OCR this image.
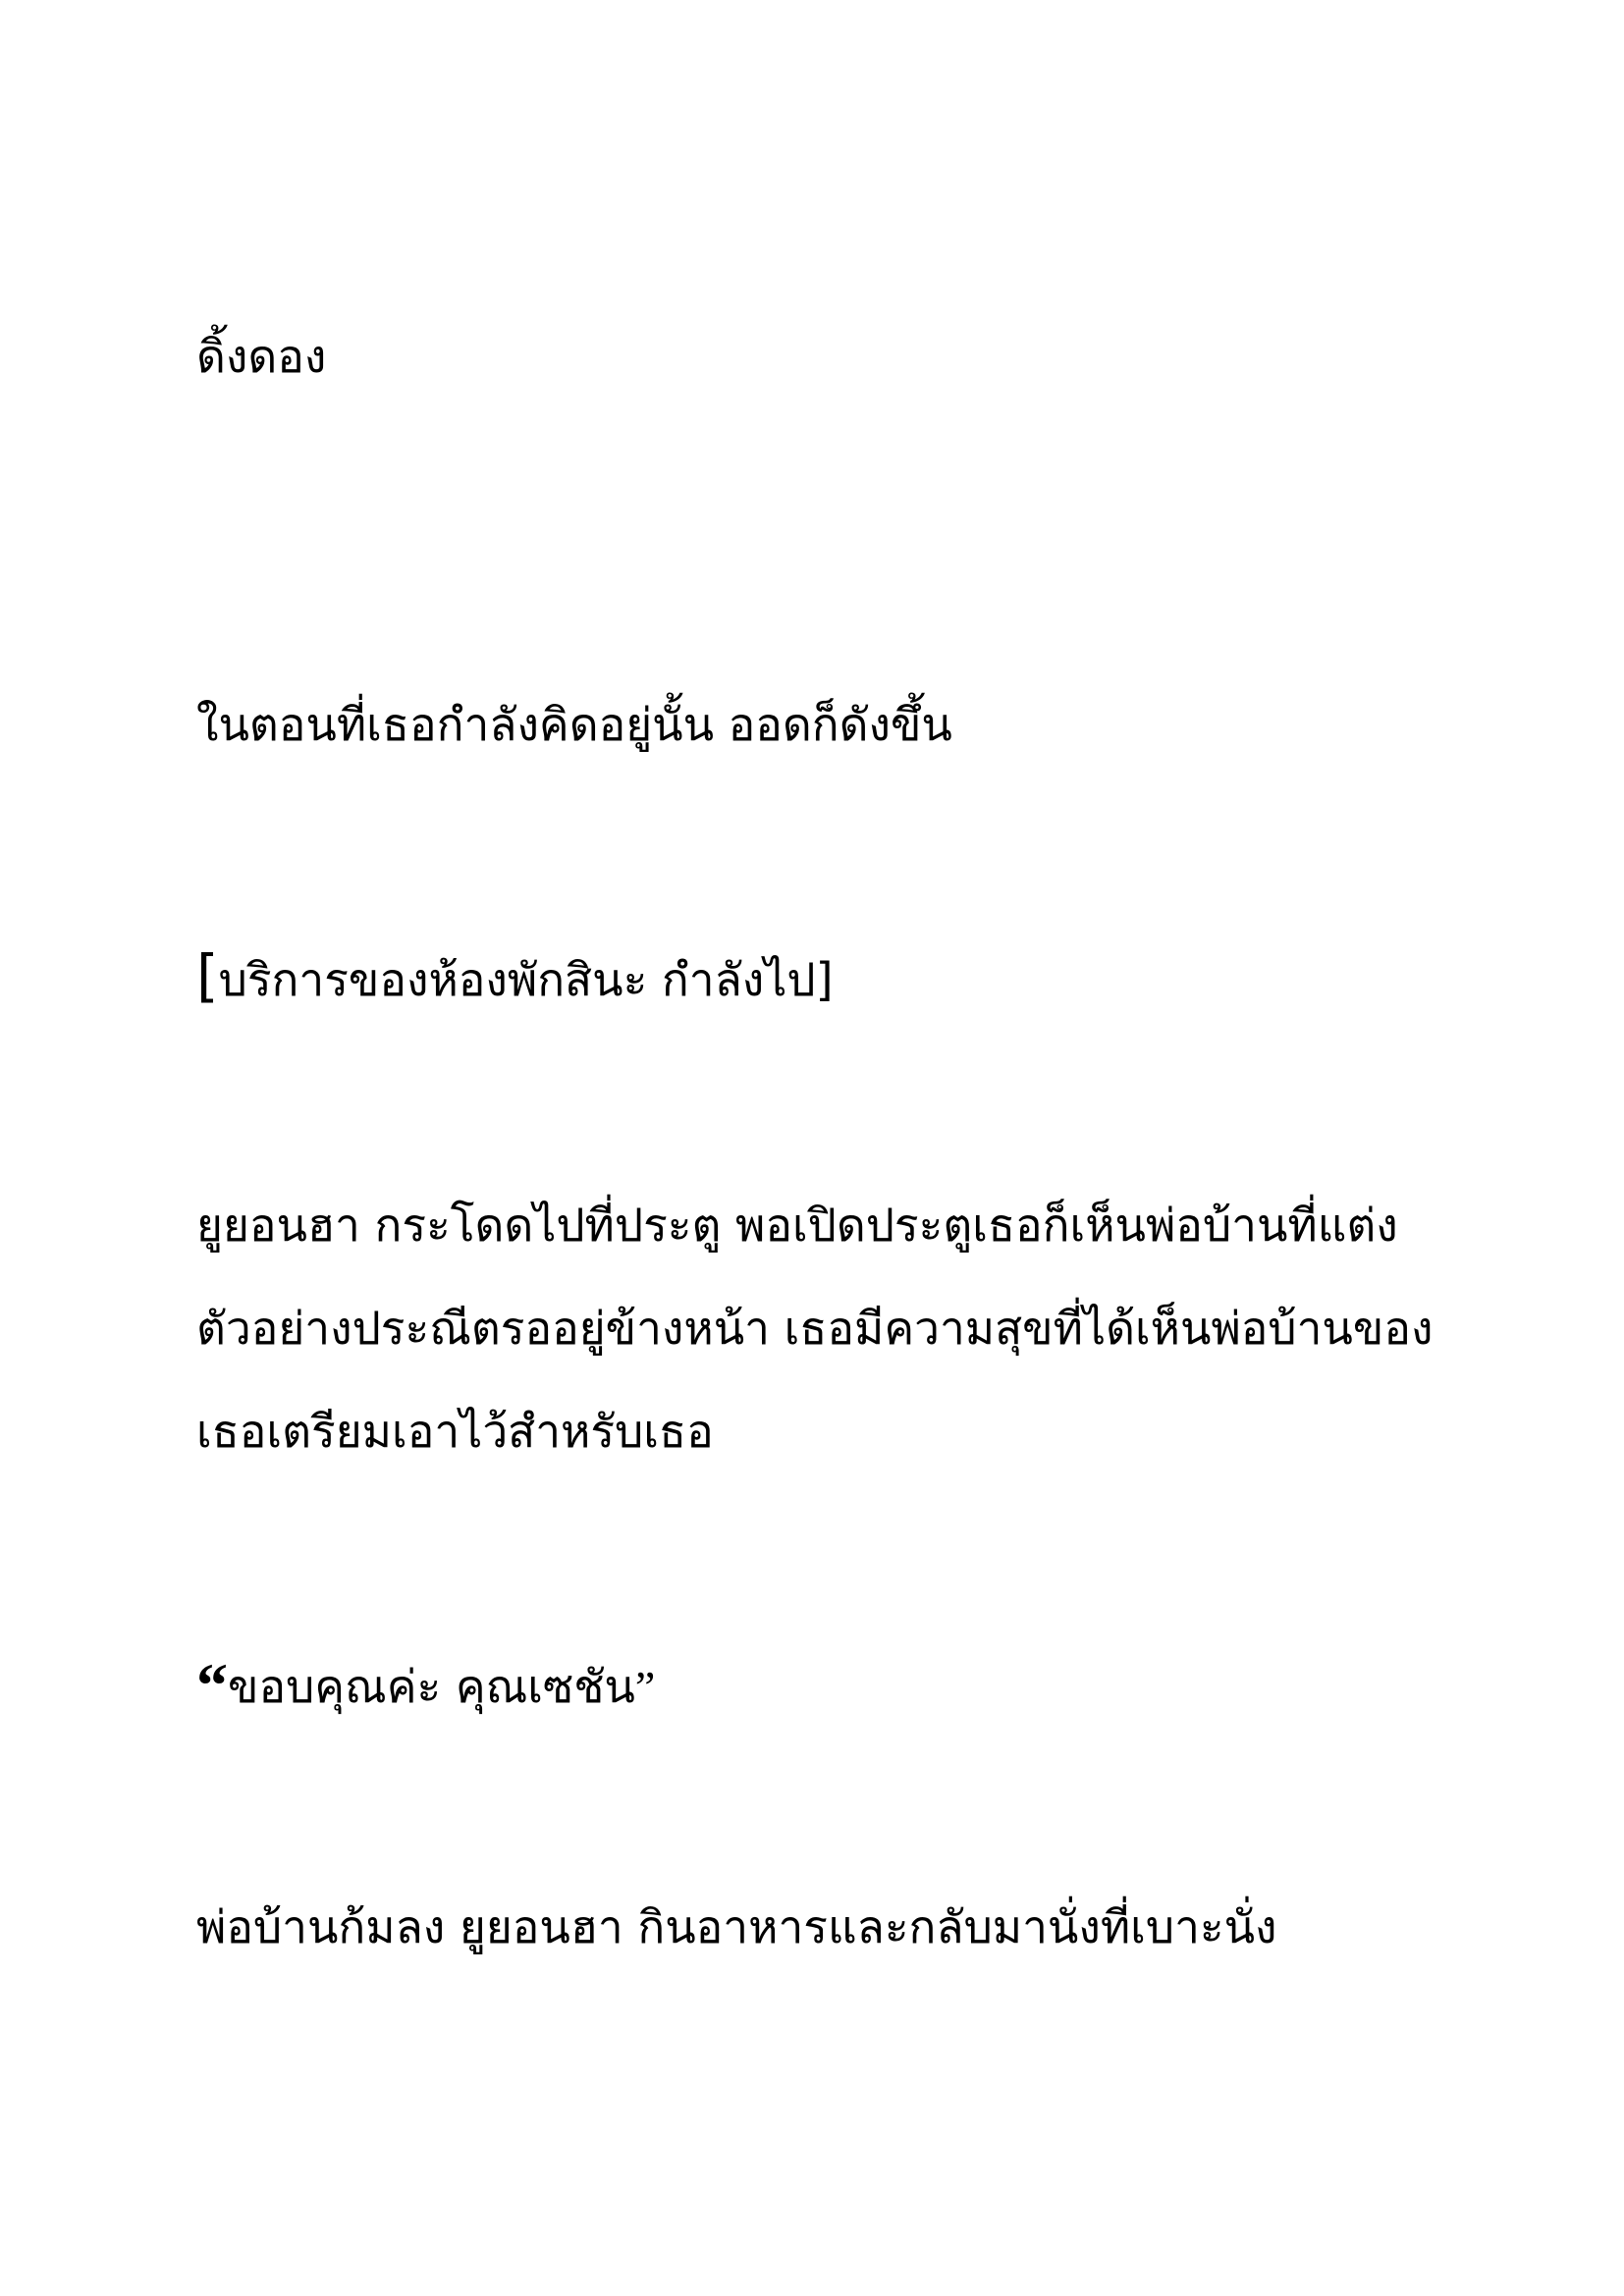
ดิ้งดอง

ในตอนที่เธอกำลังคิดอยู่นั้น ออดก็ดังขึ้น

[บริการของห้องพักสินะ กำลังไป]

ยูยอนฮา กระโดดไปที่ประตู พอเปิดประตูเธอก็เห็นพ่อบ้านที่แต่ง

ตัวอย่างประณีตรออยู่ข้างหน้า เธอมีความสุขที่ได้เห็นพ่อบ้านของ

เธอเตรียมเอาไว้สำหรับเธอ

“ขอบคุณค่ะ คุณเซชัน”

พ่อบ้านก้มลง ยูยอนฮา กินอาหารและกลับมานั่งที่เบาะนั่ง
